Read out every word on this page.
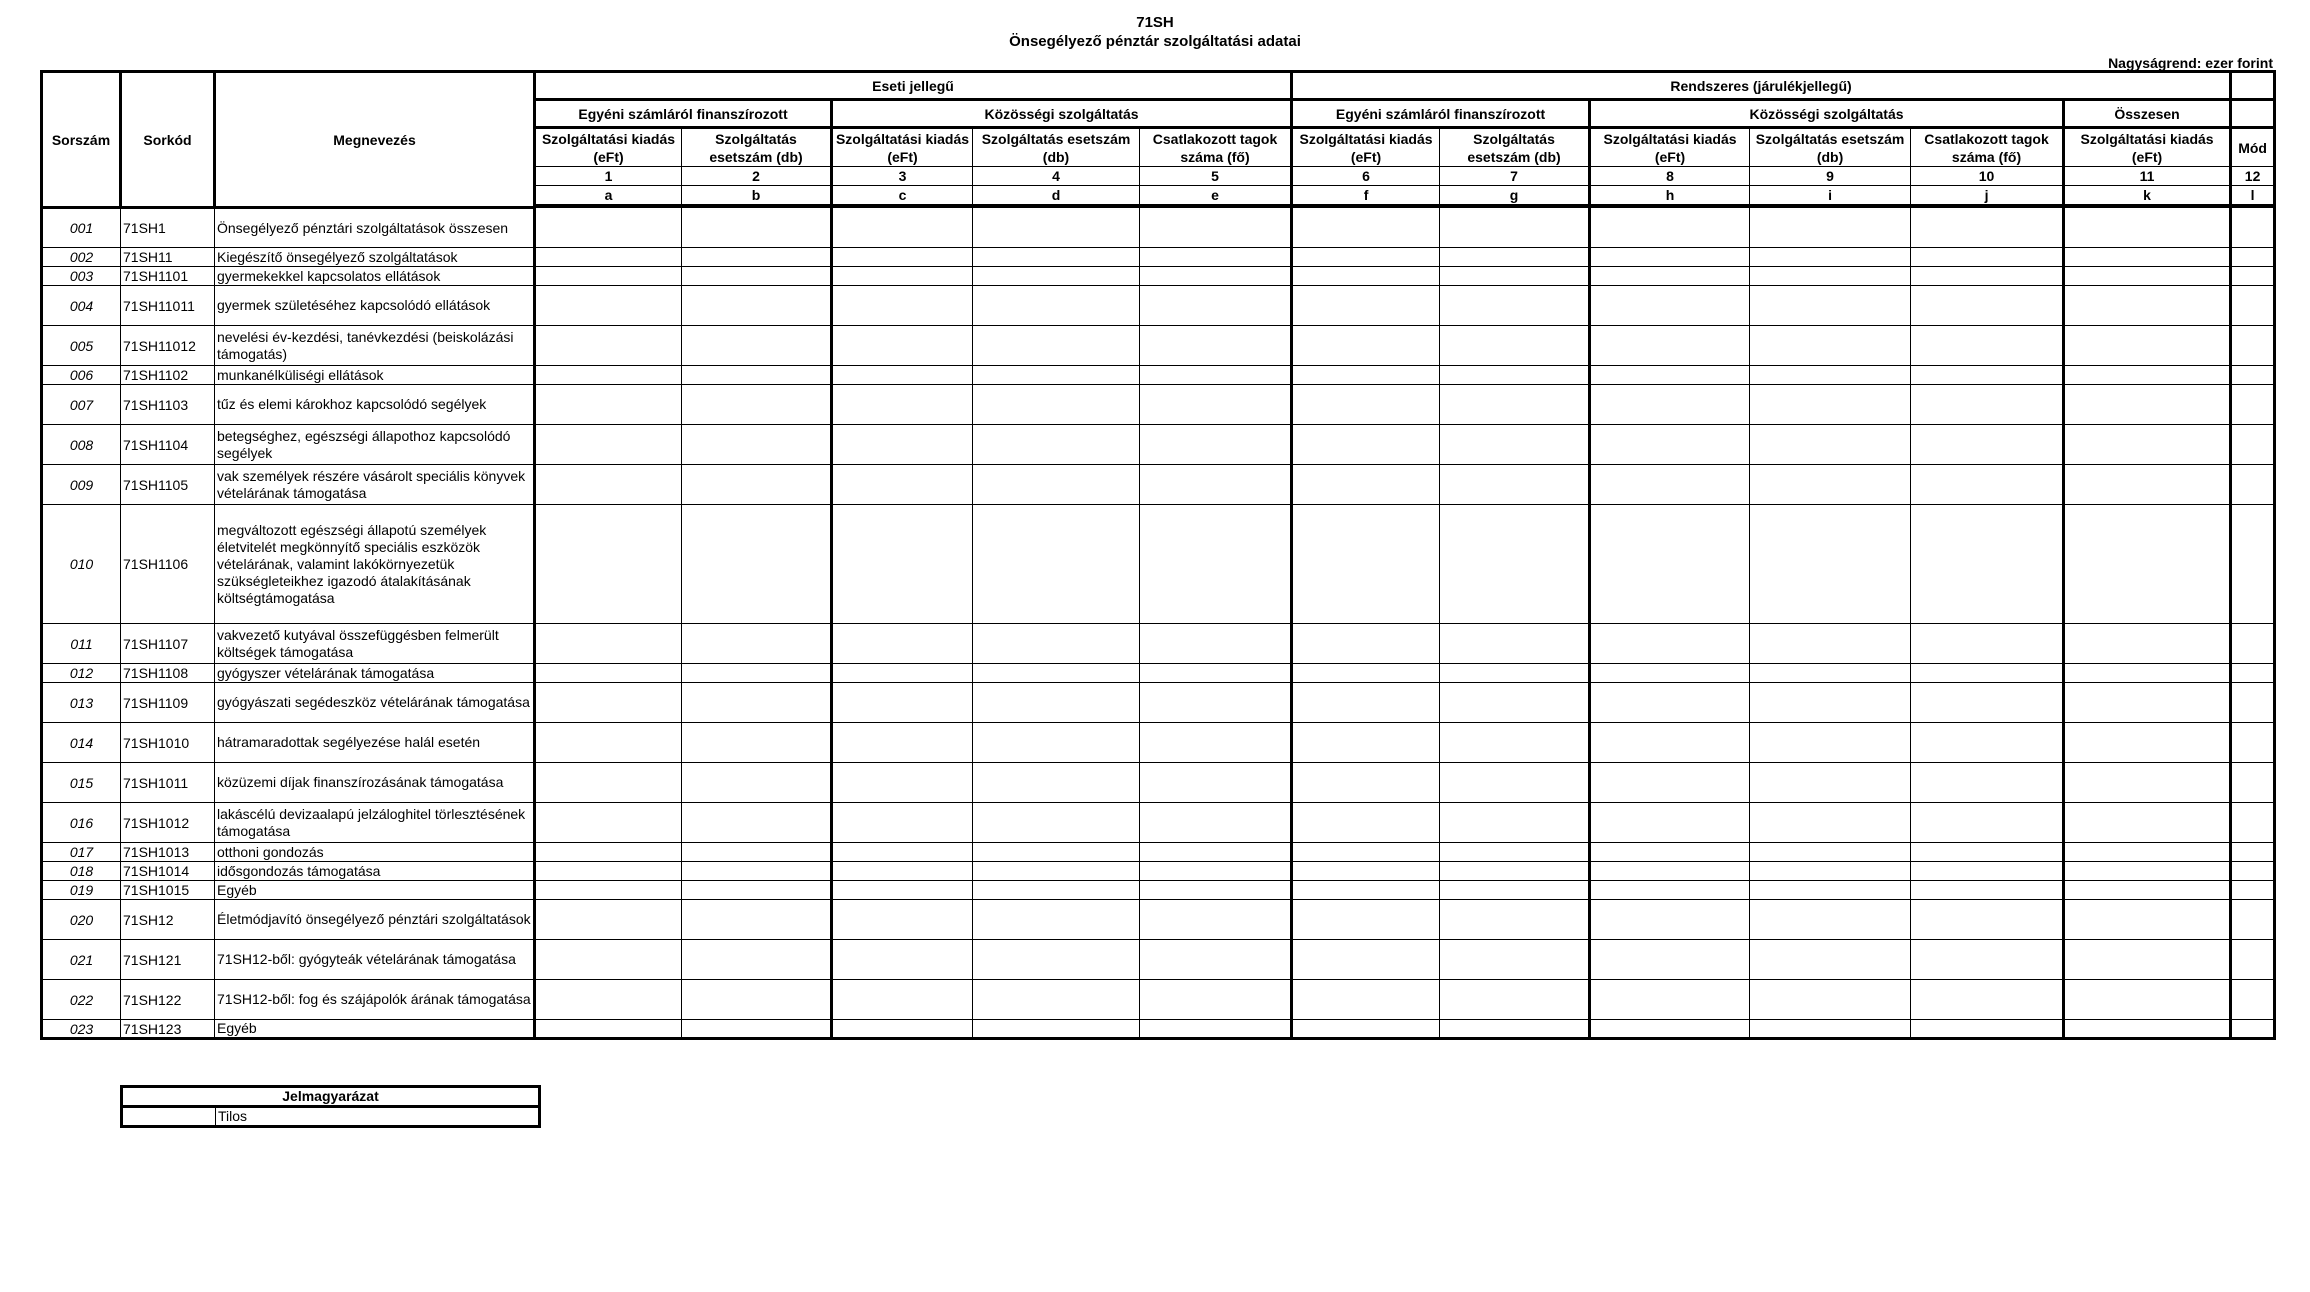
71SH
Önsegélyező pénztár szolgáltatási adatai
Nagyságrend: ezer forint
Sorszám	Sorkód	Megnevezés	Eseti jellegű					Rendszeres (járulékjellegű)						
			Egyéni számláról finanszírozott		Közösségi szolgáltatás			Egyéni számláról finanszírozott		Közösségi szolgáltatás			Összesen	
			Szolgáltatási kiadás (eFt)	Szolgáltatás esetszám (db)	Szolgáltatási kiadás (eFt)	Szolgáltatás esetszám (db)	Csatlakozott tagok száma (fő)	Szolgáltatási kiadás (eFt)	Szolgáltatás esetszám (db)	Szolgáltatási kiadás (eFt)	Szolgáltatás esetszám (db)	Csatlakozott tagok száma (fő)	Szolgáltatási kiadás (eFt)	Mód
			1	2	3	4	5	6	7	8	9	10	11	12
			a	b	c	d	e	f	g	h	i	j	k	l

001	71SH1	Önsegélyező pénztári szolgáltatások összesen												
002	71SH11	Kiegészítő önsegélyező szolgáltatások												
003	71SH1101	gyermekekkel kapcsolatos ellátások												
004	71SH11011	gyermek születéséhez kapcsolódó ellátások												
005	71SH11012	nevelési év-kezdési, tanévkezdési (beiskolázási támogatás)												
006	71SH1102	munkanélküliségi ellátások												
007	71SH1103	tűz és elemi károkhoz kapcsolódó segélyek												
008	71SH1104	betegséghez, egészségi állapothoz kapcsolódó segélyek												
009	71SH1105	vak személyek részére vásárolt speciális könyvek vételárának támogatása												
010	71SH1106	megváltozott egészségi állapotú személyek életvitelét megkönnyítő speciális eszközök vételárának, valamint lakókörnyezetük szükségleteikhez igazodó átalakításának költségtámogatása												
011	71SH1107	vakvezető kutyával összefüggésben felmerült költségek támogatása												
012	71SH1108	gyógyszer vételárának támogatása												
013	71SH1109	gyógyászati segédeszköz vételárának támogatása												
014	71SH1010	hátramaradottak segélyezése halál esetén												
015	71SH1011	közüzemi díjak finanszírozásának támogatása												
016	71SH1012	lakáscélú devizaalapú jelzáloghitel törlesztésének támogatása												
017	71SH1013	otthoni gondozás												
018	71SH1014	idősgondozás támogatása												
019	71SH1015	Egyéb												
020	71SH12	Életmódjavító önsegélyező pénztári szolgáltatások												
021	71SH121	71SH12-ből: gyógyteák vételárának támogatása												
022	71SH122	71SH12-ből: fog és szájápolók árának támogatása												
023	71SH123	Egyéb												
Jelmagyarázat
	Tilos
